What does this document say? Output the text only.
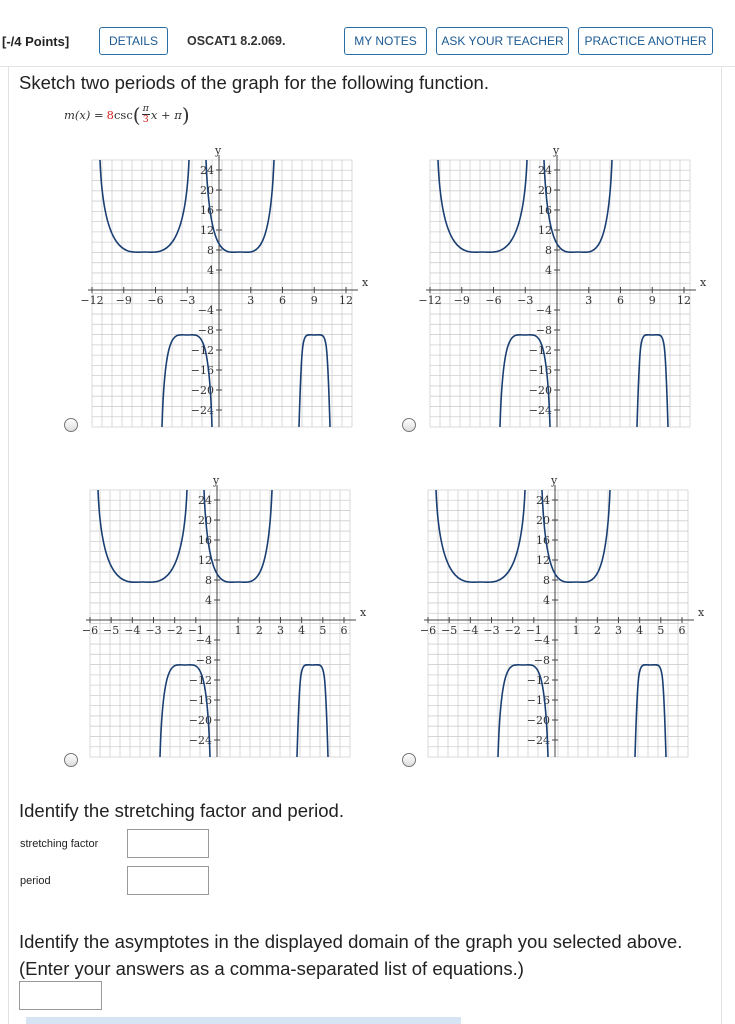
[-/4 Points]	DETAILS	OSCAT1 8.2.069.	MY NOTES	ASK YOUR TEACHER	PRACTICE ANOTHER
Sketch two periods of the graph for the following function.
m(x) = 8 csc ( $\frac{\pi}{3}$ x + π )
x
y
−12 −9 −6 −3	3 6 9 12
24
20
16
12
8
4
−4
−8
−12
−16
−20
−24
x
y
−12 −9 −6 −3	3 6 9 12
24
20
16
12
8
4
−4
−8
−12
−16
−20
−24
x
y
−6 −5 −4 −3 −2 −1	1 2 3 4 5 6
24
20
16
12
8
4
−4
−8
−12
−16
−20
−24
x
y
−6 −5 −4 −3 −2 −1	1 2 3 4 5 6
24
20
16
12
8
4
−4
−8
−12
−16
−20
−24
Identify the stretching factor and period.
stretching factor
period
Identify the asymptotes in the displayed domain of the graph you selected above. (Enter your answers as a comma-separated list of equations.)
